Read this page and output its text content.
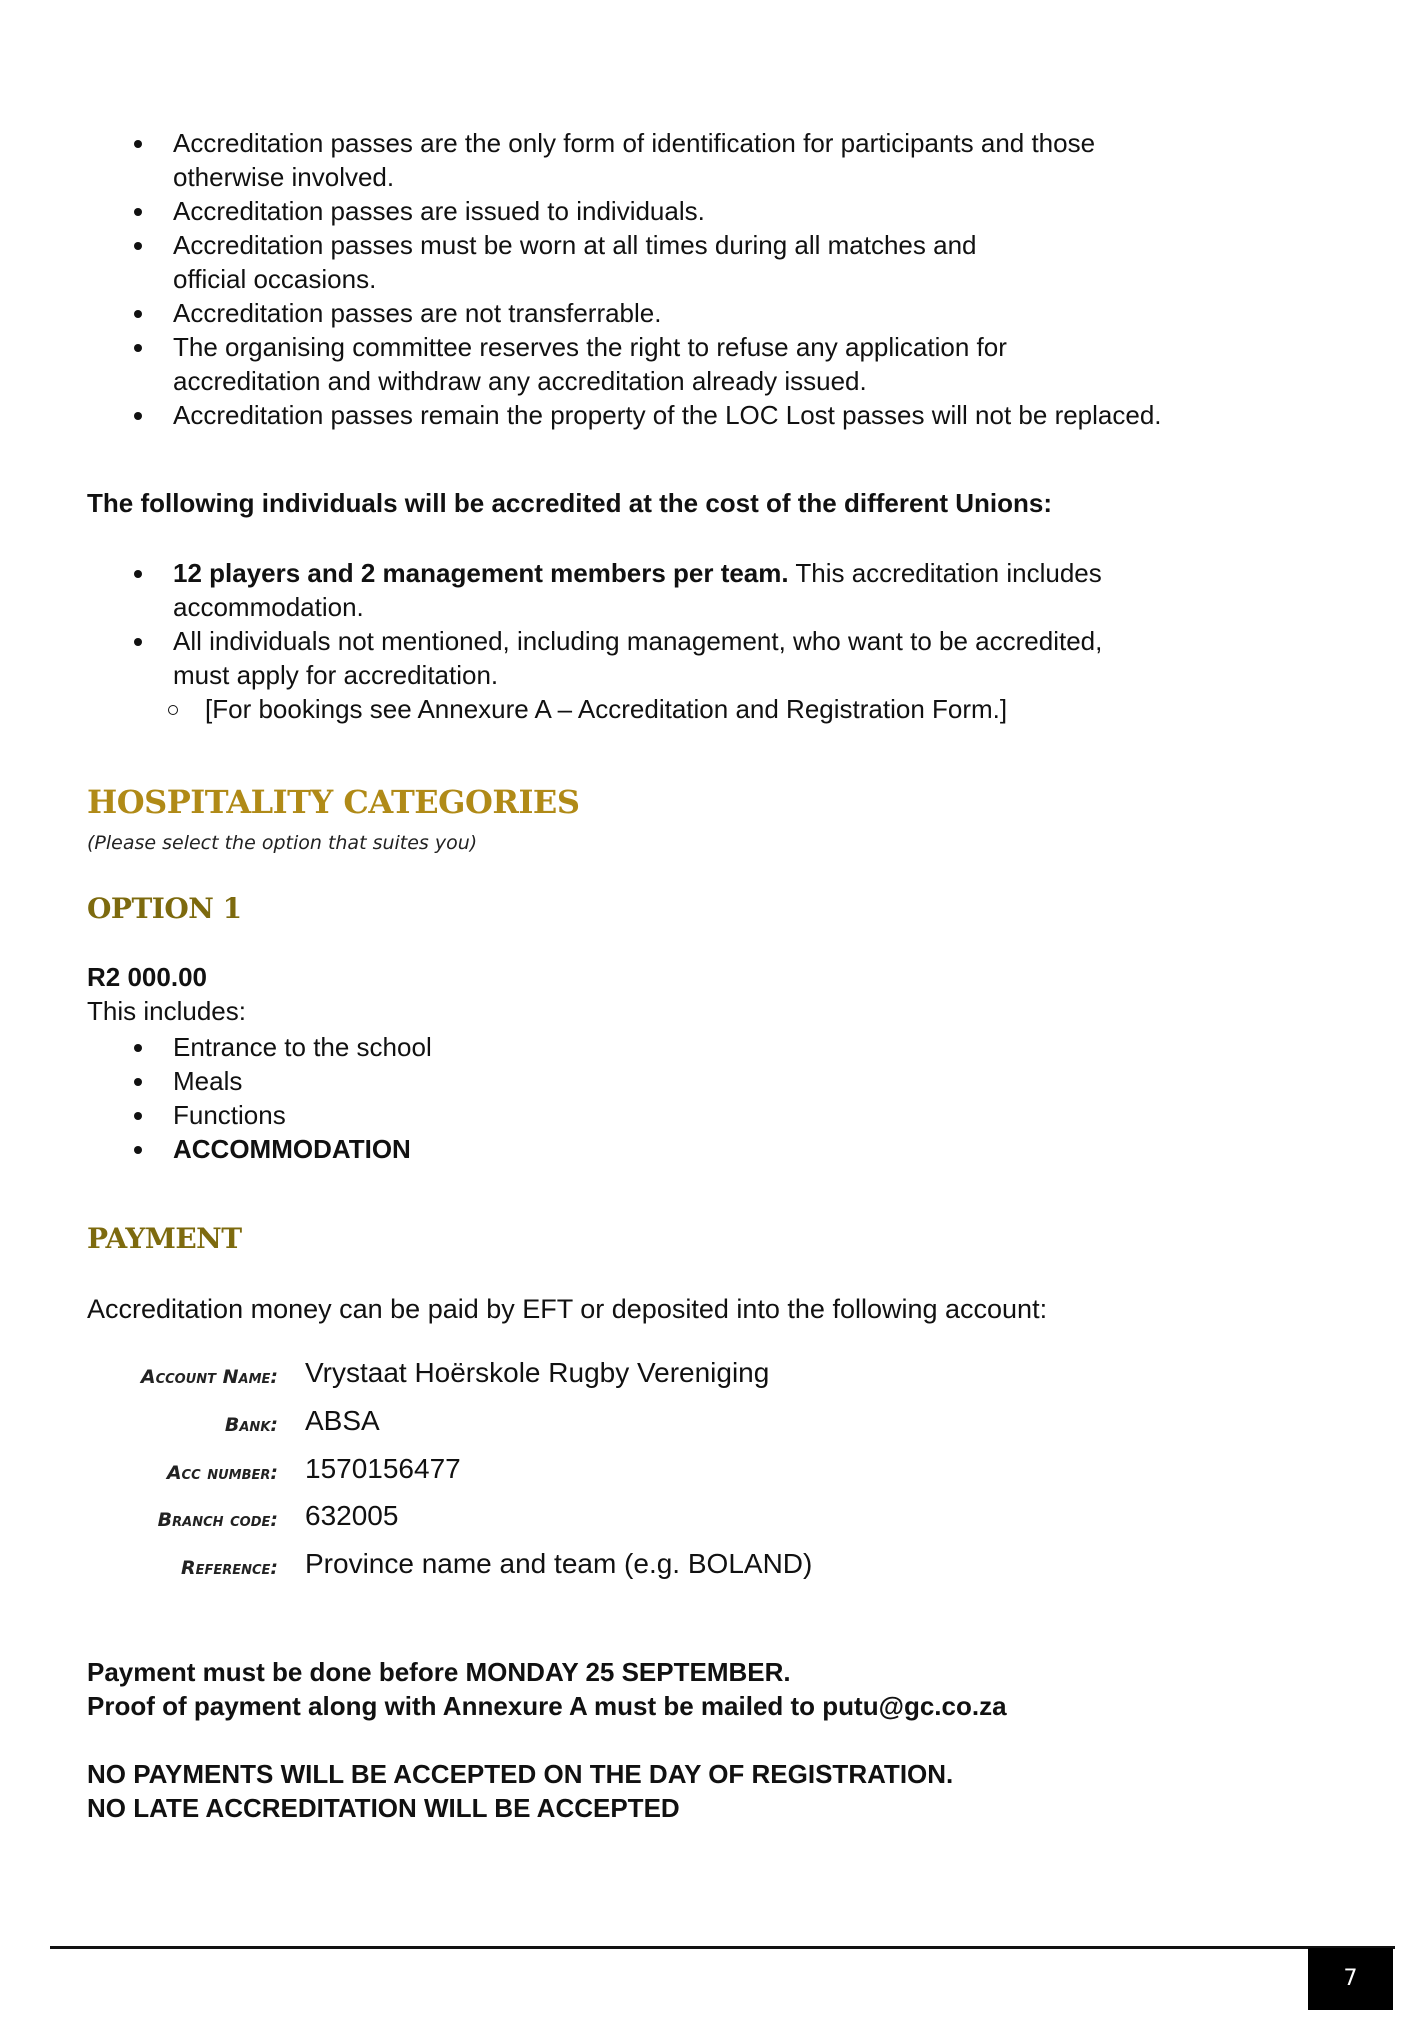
Accreditation passes are the only form of identification for participants and those
otherwise involved.
Accreditation passes are issued to individuals.
Accreditation passes must be worn at all times during all matches and
official occasions.
Accreditation passes are not transferrable.
The organising committee reserves the right to refuse any application for
accreditation and withdraw any accreditation already issued.
Accreditation passes remain the property of the LOC Lost passes will not be replaced.
The following individuals will be accredited at the cost of the different Unions:
12 players and 2 management members per team. This accreditation includes
accommodation.
All individuals not mentioned, including management, who want to be accredited,
must apply for accreditation.
[For bookings see Annexure A – Accreditation and Registration Form.]
HOSPITALITY CATEGORIES
(Please select the option that suites you)
OPTION 1
R2 000.00
This includes:
Entrance to the school
Meals
Functions
ACCOMMODATION
PAYMENT
Accreditation money can be paid by EFT or deposited into the following account:
Account Name: Vrystaat Hoërskole Rugby Vereniging
Bank: ABSA
Acc number: 1570156477
Branch code: 632005
Reference: Province name and team (e.g. BOLAND)
Payment must be done before MONDAY 25 SEPTEMBER.
Proof of payment along with Annexure A must be mailed to putu@gc.co.za
NO PAYMENTS WILL BE ACCEPTED ON THE DAY OF REGISTRATION.
NO LATE ACCREDITATION WILL BE ACCEPTED
7
